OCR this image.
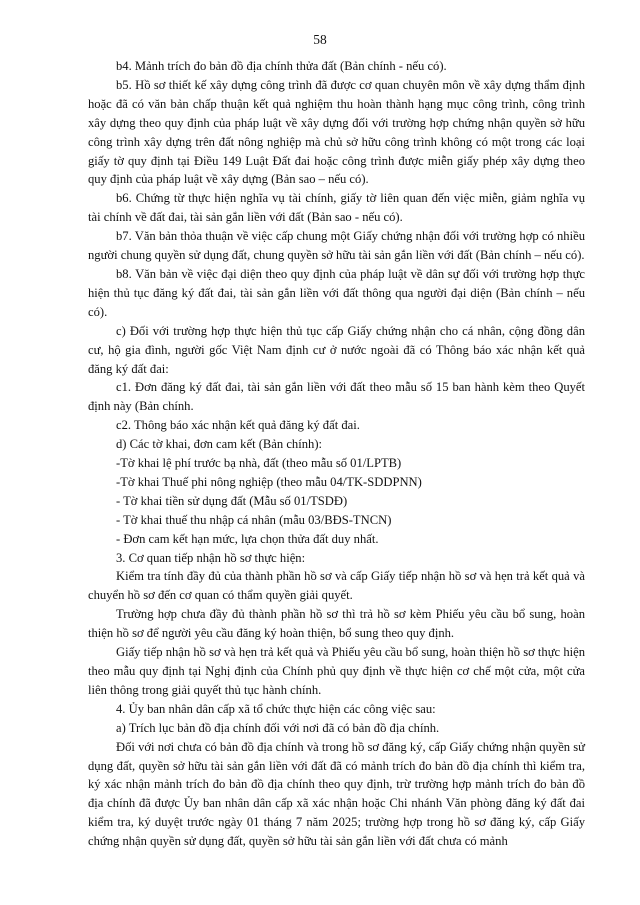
58

b4. Mảnh trích đo bản đồ địa chính thửa đất (Bản chính - nếu có).

b5. Hồ sơ thiết kế xây dựng công trình đã được cơ quan chuyên môn về xây dựng thẩm định hoặc đã có văn bản chấp thuận kết quả nghiệm thu hoàn thành hạng mục công trình, công trình xây dựng theo quy định của pháp luật về xây dựng đối với trường hợp chứng nhận quyền sở hữu công trình xây dựng trên đất nông nghiệp mà chủ sở hữu công trình không có một trong các loại giấy tờ quy định tại Điều 149 Luật Đất đai hoặc công trình được miễn giấy phép xây dựng theo quy định của pháp luật về xây dựng (Bản sao – nếu có).

b6. Chứng từ thực hiện nghĩa vụ tài chính, giấy tờ liên quan đến việc miễn, giảm nghĩa vụ tài chính về đất đai, tài sản gắn liền với đất (Bản sao - nếu có).

b7. Văn bản thỏa thuận về việc cấp chung một Giấy chứng nhận đối với trường hợp có nhiều người chung quyền sử dụng đất, chung quyền sở hữu tài sản gắn liền với đất (Bản chính – nếu có).

b8. Văn bản về việc đại diện theo quy định của pháp luật về dân sự đối với trường hợp thực hiện thủ tục đăng ký đất đai, tài sản gắn liền với đất thông qua người đại diện (Bản chính – nếu có).

c) Đối với trường hợp thực hiện thủ tục cấp Giấy chứng nhận cho cá nhân, cộng đồng dân cư, hộ gia đình, người gốc Việt Nam định cư ở nước ngoài đã có Thông báo xác nhận kết quả đăng ký đất đai:

c1. Đơn đăng ký đất đai, tài sản gắn liền với đất theo mẫu số 15 ban hành kèm theo Quyết định này (Bản chính.

c2. Thông báo xác nhận kết quả đăng ký đất đai.

d) Các tờ khai, đơn cam kết (Bản chính):

-Tờ khai lệ phí trước bạ nhà, đất (theo mẫu số 01/LPTB)

-Tờ khai Thuế phi nông nghiệp (theo mẫu 04/TK-SDDPNN)

- Tờ khai tiền sử dụng đất (Mẫu số 01/TSDĐ)

- Tờ khai thuế thu nhập cá nhân (mẫu 03/BĐS-TNCN)

- Đơn cam kết hạn mức, lựa chọn thửa đất duy nhất.

3. Cơ quan tiếp nhận hồ sơ thực hiện:

Kiểm tra tính đầy đủ của thành phần hồ sơ và cấp Giấy tiếp nhận hồ sơ và hẹn trả kết quả và chuyển hồ sơ đến cơ quan có thẩm quyền giải quyết.

Trường hợp chưa đầy đủ thành phần hồ sơ thì trả hồ sơ kèm Phiếu yêu cầu bổ sung, hoàn thiện hồ sơ để người yêu cầu đăng ký hoàn thiện, bổ sung theo quy định.

Giấy tiếp nhận hồ sơ và hẹn trả kết quả và Phiếu yêu cầu bổ sung, hoàn thiện hồ sơ thực hiện theo mẫu quy định tại Nghị định của Chính phủ quy định về thực hiện cơ chế một cửa, một cửa liên thông trong giải quyết thủ tục hành chính.

4. Ủy ban nhân dân cấp xã tổ chức thực hiện các công việc sau:

a) Trích lục bản đồ địa chính đối với nơi đã có bản đồ địa chính.

Đối với nơi chưa có bản đồ địa chính và trong hồ sơ đăng ký, cấp Giấy chứng nhận quyền sử dụng đất, quyền sở hữu tài sản gắn liền với đất đã có mảnh trích đo bản đồ địa chính thì kiểm tra, ký xác nhận mảnh trích đo bản đồ địa chính theo quy định, trừ trường hợp mảnh trích đo bản đồ địa chính đã được Ủy ban nhân dân cấp xã xác nhận hoặc Chi nhánh Văn phòng đăng ký đất đai kiểm tra, ký duyệt trước ngày 01 tháng 7 năm 2025; trường hợp trong hồ sơ đăng ký, cấp Giấy chứng nhận quyền sử dụng đất, quyền sở hữu tài sản gắn liền với đất chưa có mảnh
